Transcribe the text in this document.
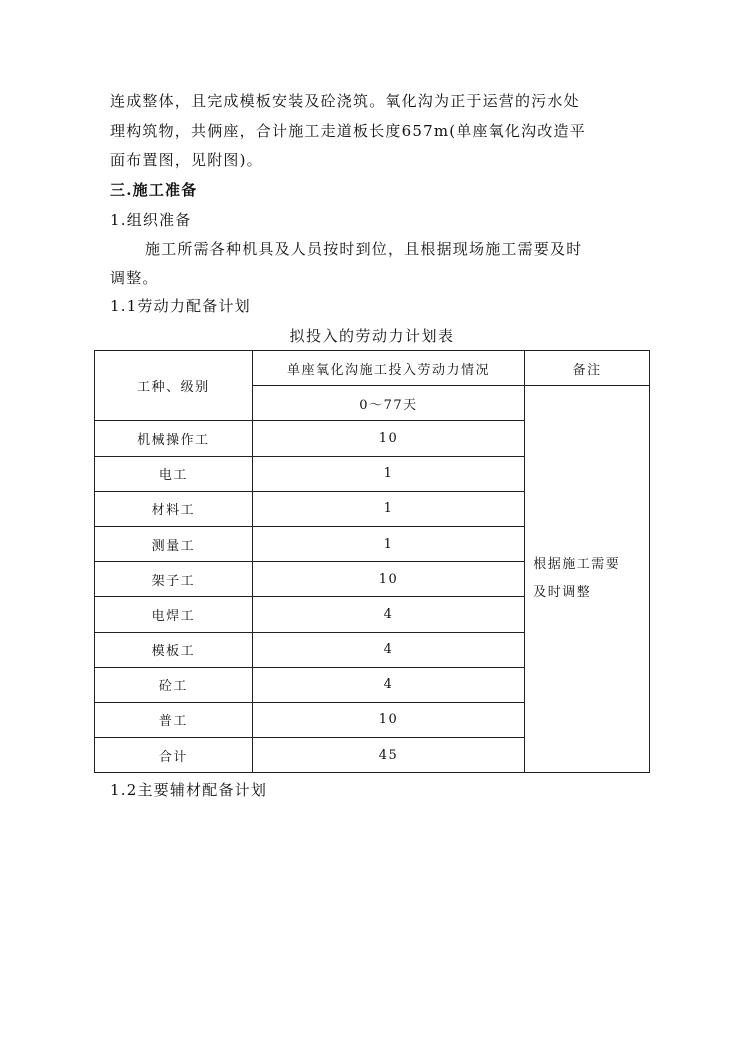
连成整体，且完成模板安装及砼浇筑。氧化沟为正于运营的污水处
理构筑物，共俩座，合计施工走道板长度657m(单座氧化沟改造平
面布置图，见附图)。
三.施工准备
1.组织准备
施工所需各种机具及人员按时到位，且根据现场施工需要及时
调整。
1.1劳动力配备计划
拟投入的劳动力计划表
工种、级别	单座氧化沟施工投入劳动力情况	备注
	0～77天	根据施工需要
及时调整

机械操作工	10	
电工	1	
材料工	1	
测量工	1	
架子工	10	
电焊工	4	
模板工	4	
砼工	4	
普工	10	
合计	45	
1.2主要辅材配备计划
